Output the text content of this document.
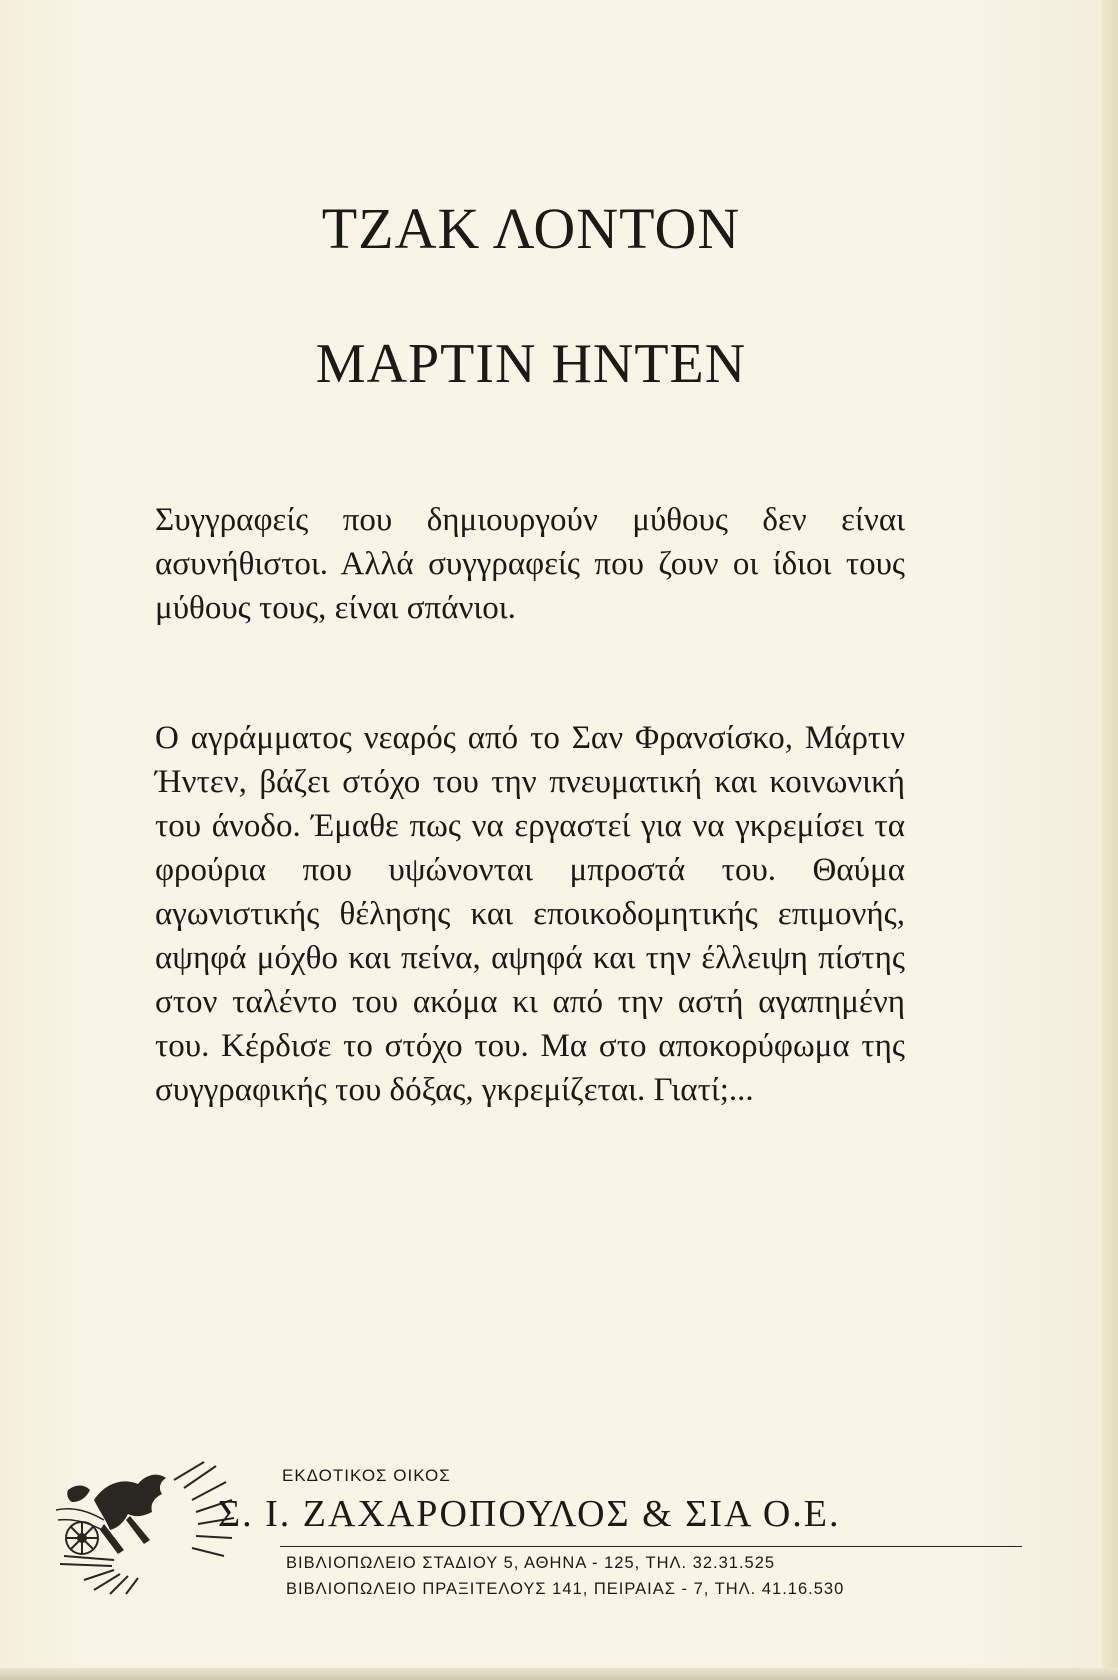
ΤΖΑΚ ΛΟΝΤΟΝ
ΜΑΡΤΙΝ ΗΝΤΕΝ

Συγγραφείς που δημιουργούν μύθους δεν είναι ασυνήθιστοι. Αλλά συγγραφείς που ζουν οι ίδιοι τους μύθους τους, είναι σπάνιοι.

Ο αγράμματος νεαρός από το Σαν Φρανσίσκο, Μάρτιν Ήντεν, βάζει στόχο του την πνευματική και κοινωνική του άνοδο. Έμαθε πως να εργαστεί για να γκρεμίσει τα φρούρια που υψώνονται μπροστά του. Θαύμα αγωνιστικής θέλησης και εποικοδομητικής επιμονής, αψηφά μόχθο και πείνα, αψηφά και την έλλειψη πίστης στον ταλέντο του ακόμα κι από την αστή αγαπημένη του. Κέρδισε το στόχο του. Μα στο αποκορύφωμα της συγγραφικής του δόξας, γκρεμίζεται. Γιατί;...

ΕΚΔΟΤΙΚΟΣ ΟΙΚΟΣ
Σ. Ι. ΖΑΧΑΡΟΠΟΥΛΟΣ & ΣΙΑ Ο.Ε.
ΒΙΒΛΙΟΠΩΛΕΙΟ ΣΤΑΔΙΟΥ 5, ΑΘΗΝΑ - 125, ΤΗΛ. 32.31.525
ΒΙΒΛΙΟΠΩΛΕΙΟ ΠΡΑΞΙΤΕΛΟΥΣ 141, ΠΕΙΡΑΙΑΣ - 7, ΤΗΛ. 41.16.530
